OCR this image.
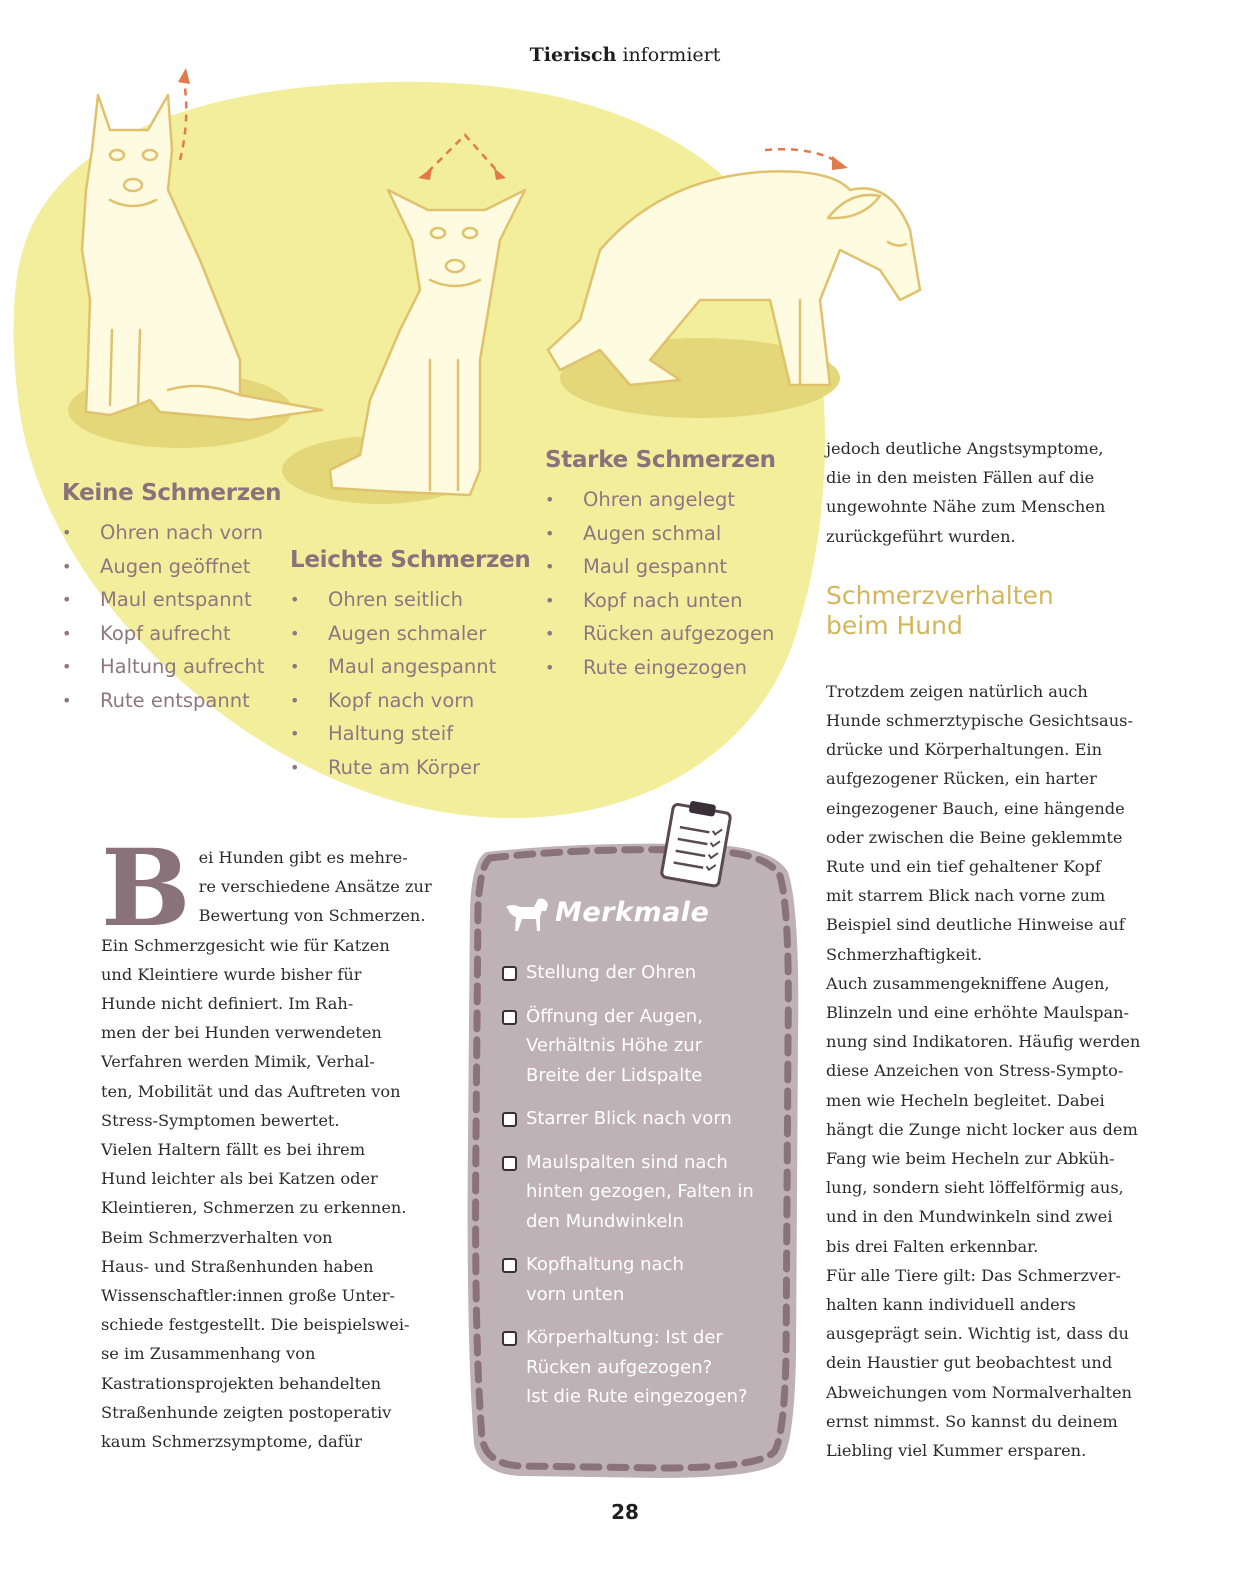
Tierisch informiert
Keine Schmerzen
• Ohren nach vorn
• Augen geöffnet
• Maul entspannt
• Kopf aufrecht
• Haltung aufrecht
• Rute entspannt
Leichte Schmerzen
• Ohren seitlich
• Augen schmaler
• Maul angespannt
• Kopf nach vorn
• Haltung steif
• Rute am Körper
Starke Schmerzen
• Ohren angelegt
• Augen schmal
• Maul gespannt
• Kopf nach unten
• Rücken aufgezogen
• Rute eingezogen
B ei Hunden gibt es mehre-
re verschiedene Ansätze zur
Bewertung von Schmerzen.
Ein Schmerzgesicht wie für Katzen
und Kleintiere wurde bisher für
Hunde nicht definiert. Im Rah-
men der bei Hunden verwendeten
Verfahren werden Mimik, Verhal-
ten, Mobilität und das Auftreten von
Stress-Symptomen bewertet.
Vielen Haltern fällt es bei ihrem
Hund leichter als bei Katzen oder
Kleintieren, Schmerzen zu erkennen.
Beim Schmerzverhalten von
Haus- und Straßenhunden haben
Wissenschaftler:innen große Unter-
schiede festgestellt. Die beispielswei-
se im Zusammenhang von
Kastrationsprojekten behandelten
Straßenhunde zeigten postoperativ
kaum Schmerzsymptome, dafür
Merkmale
Stellung der Ohren
Öffnung der Augen,
Verhältnis Höhe zur
Breite der Lidspalte
Starrer Blick nach vorn
Maulspalten sind nach
hinten gezogen, Falten in
den Mundwinkeln
Kopfhaltung nach
vorn unten
Körperhaltung: Ist der
Rücken aufgezogen?
Ist die Rute eingezogen?
jedoch deutliche Angstsymptome,
die in den meisten Fällen auf die
ungewohnte Nähe zum Menschen
zurückgeführt wurden.
Schmerzverhalten
beim Hund
Trotzdem zeigen natürlich auch
Hunde schmerztypische Gesichtsaus-
drücke und Körperhaltungen. Ein
aufgezogener Rücken, ein harter
eingezogener Bauch, eine hängende
oder zwischen die Beine geklemmte
Rute und ein tief gehaltener Kopf
mit starrem Blick nach vorne zum
Beispiel sind deutliche Hinweise auf
Schmerzhaftigkeit.
Auch zusammengekniffene Augen,
Blinzeln und eine erhöhte Maulspan-
nung sind Indikatoren. Häufig werden
diese Anzeichen von Stress-Sympto-
men wie Hecheln begleitet. Dabei
hängt die Zunge nicht locker aus dem
Fang wie beim Hecheln zur Abküh-
lung, sondern sieht löffelförmig aus,
und in den Mundwinkeln sind zwei
bis drei Falten erkennbar.
Für alle Tiere gilt: Das Schmerzver-
halten kann individuell anders
ausgeprägt sein. Wichtig ist, dass du
dein Haustier gut beobachtest und
Abweichungen vom Normalverhalten
ernst nimmst. So kannst du deinem
Liebling viel Kummer ersparen.
28
